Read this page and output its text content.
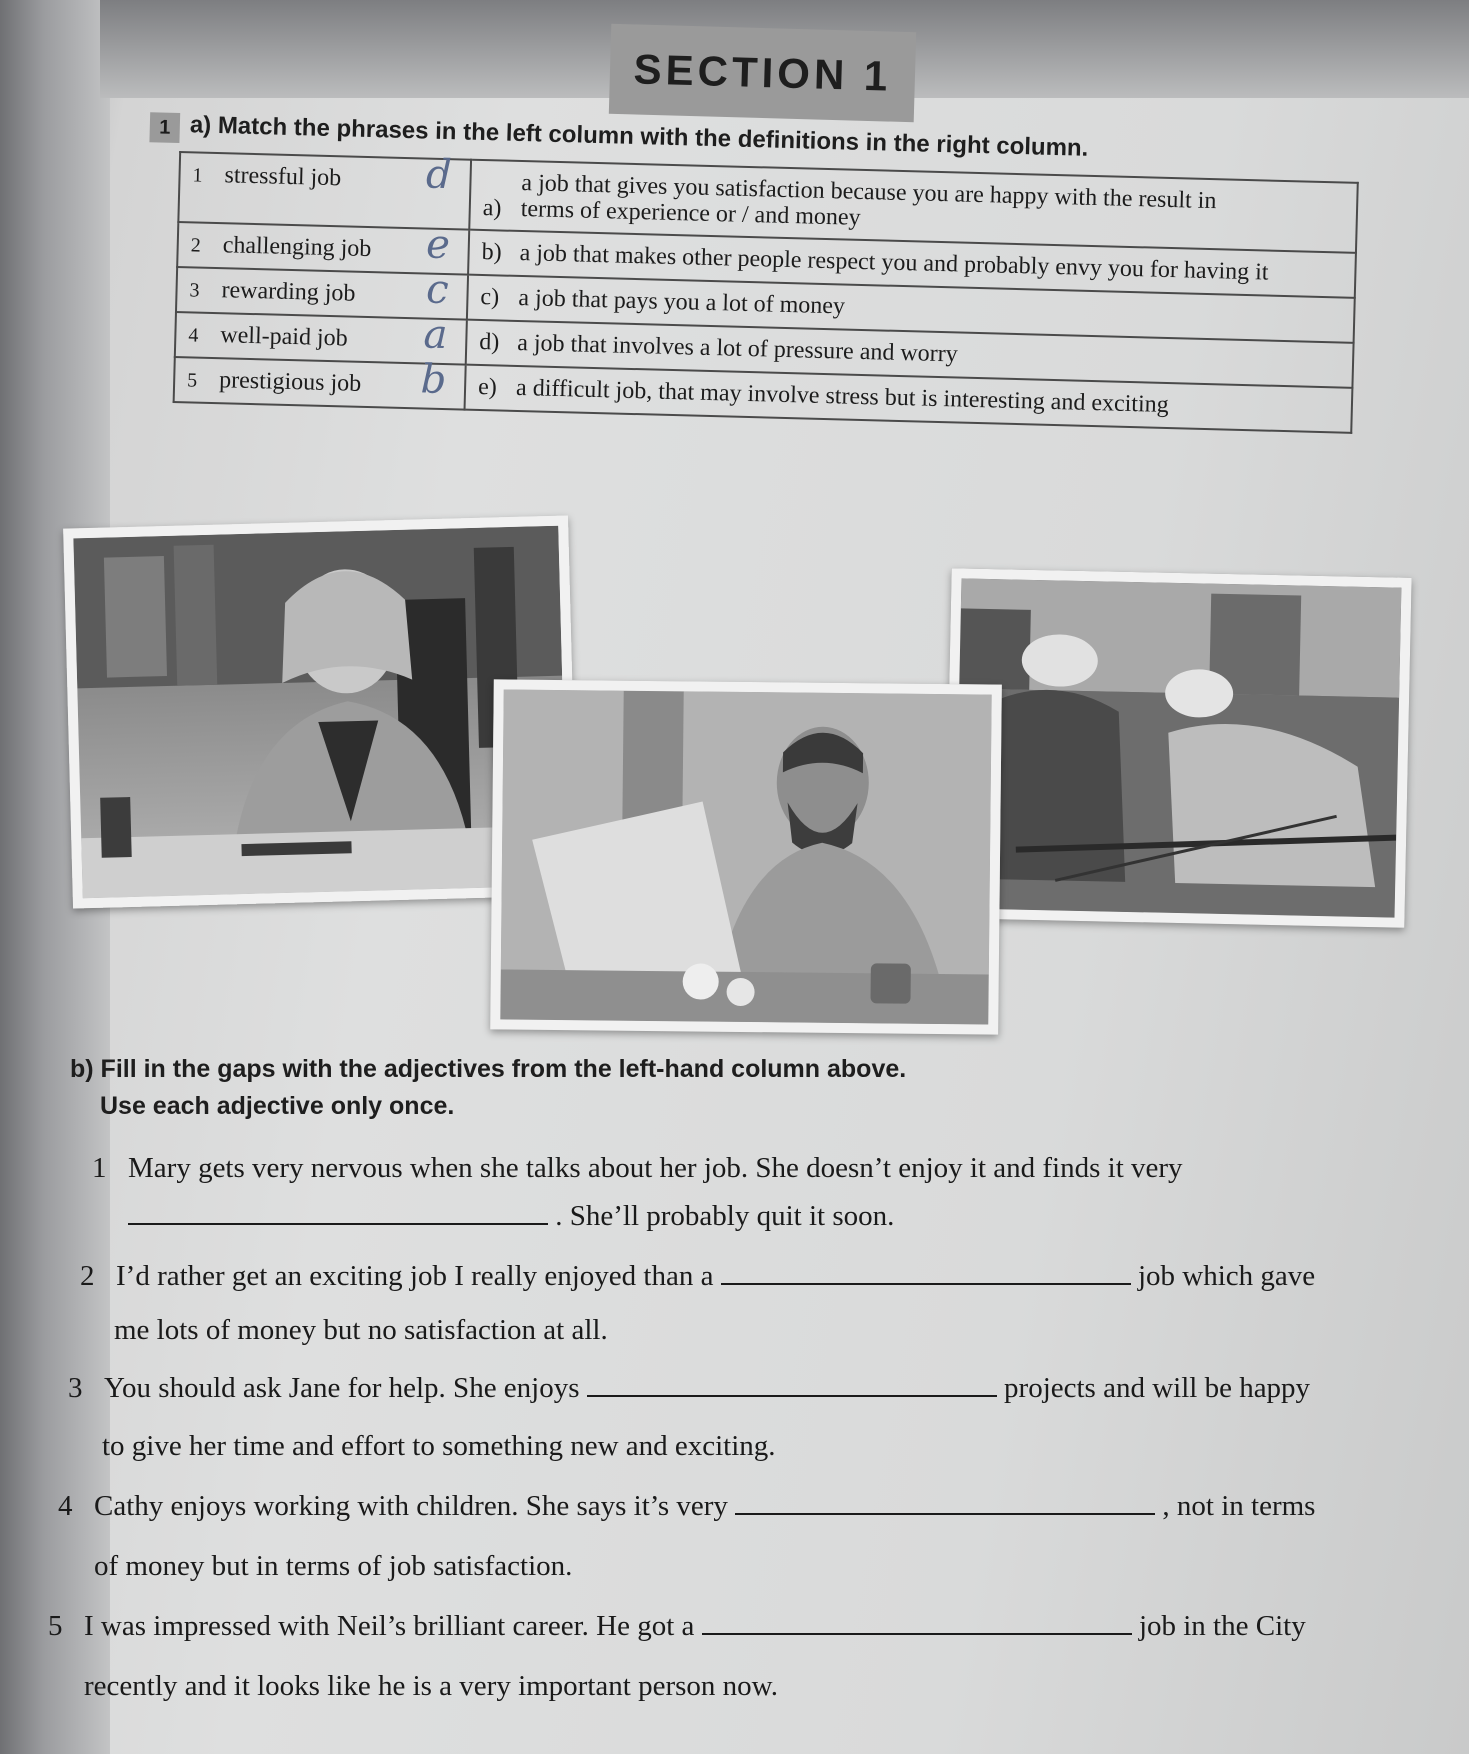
SECTION 1
1 a) Match the phrases in the left column with the definitions in the right column.
1 stressful job d	a) a job that gives you satisfaction because you are happy with the result in terms of experience or / and money
2 challenging job e	b) a job that makes other people respect you and probably envy you for having it
3 rewarding job c	c) a job that pays you a lot of money
4 well-paid job a	d) a job that involves a lot of pressure and worry
5 prestigious job b	e) a difficult job, that may involve stress but is interesting and exciting
b) Fill in the gaps with the adjectives from the left-hand column above.
Use each adjective only once.
1 Mary gets very nervous when she talks about her job. She doesn’t enjoy it and finds it very
. She’ll probably quit it soon.
2 I’d rather get an exciting job I really enjoyed than a	job which gave
me lots of money but no satisfaction at all.
3 You should ask Jane for help. She enjoys	projects and will be happy
to give her time and effort to something new and exciting.
4 Cathy enjoys working with children. She says it’s very	, not in terms
of money but in terms of job satisfaction.
5 I was impressed with Neil’s brilliant career. He got a	job in the City
recently and it looks like he is a very important person now.
